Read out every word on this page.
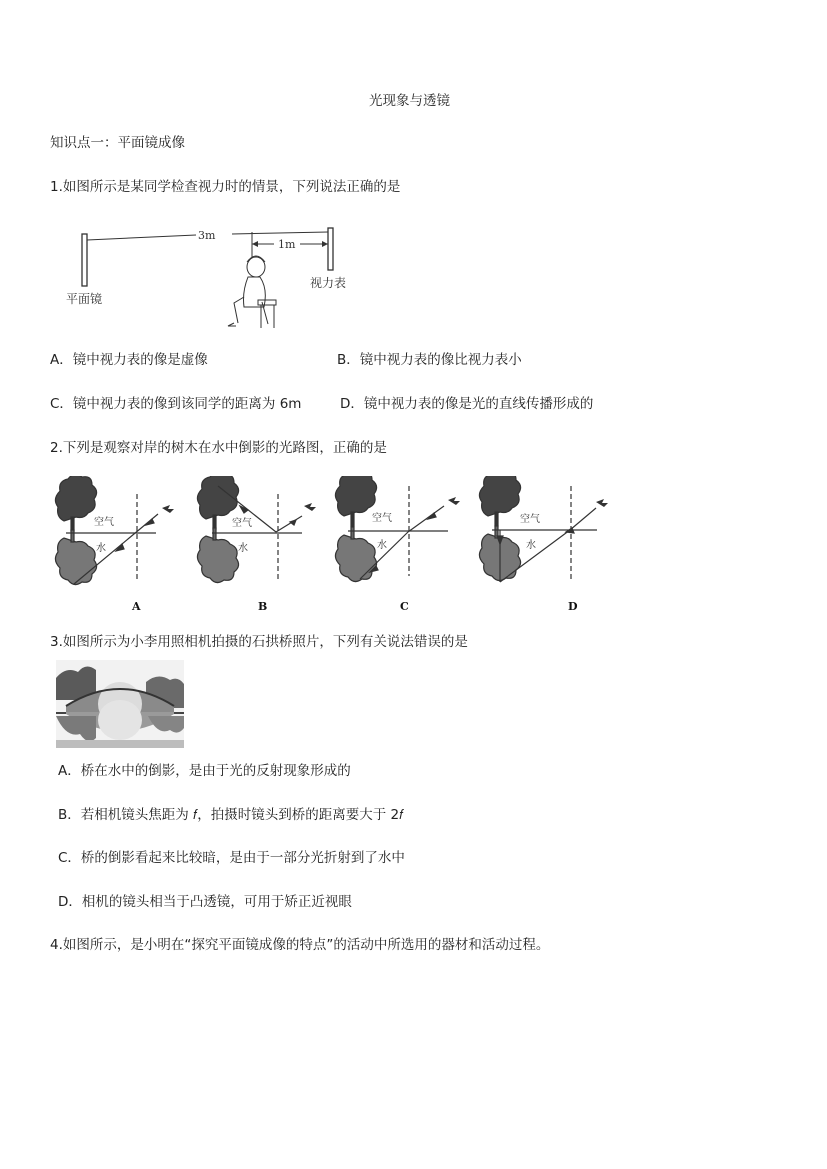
光现象与透镜
知识点一：平面镜成像
1.如图所示是某同学检查视力时的情景，下列说法正确的是
3m
1m
平面镜
视力表
A．镜中视力表的像是虚像	B．镜中视力表的像比视力表小
C．镜中视力表的像到该同学的距离为 6m	D．镜中视力表的像是光的直线传播形成的
2.下列是观察对岸的树木在水中倒影的光路图，正确的是
空气
水
A
空气
水
B
空气
水
C
空气
水
D
3.如图所示为小李用照相机拍摄的石拱桥照片，下列有关说法错误的是
A．桥在水中的倒影，是由于光的反射现象形成的
B．若相机镜头焦距为 𝑓，拍摄时镜头到桥的距离要大于 2𝑓
C．桥的倒影看起来比较暗，是由于一部分光折射到了水中
D．相机的镜头相当于凸透镜，可用于矫正近视眼
4.如图所示，是小明在“探究平面镜成像的特点”的活动中所选用的器材和活动过程。
